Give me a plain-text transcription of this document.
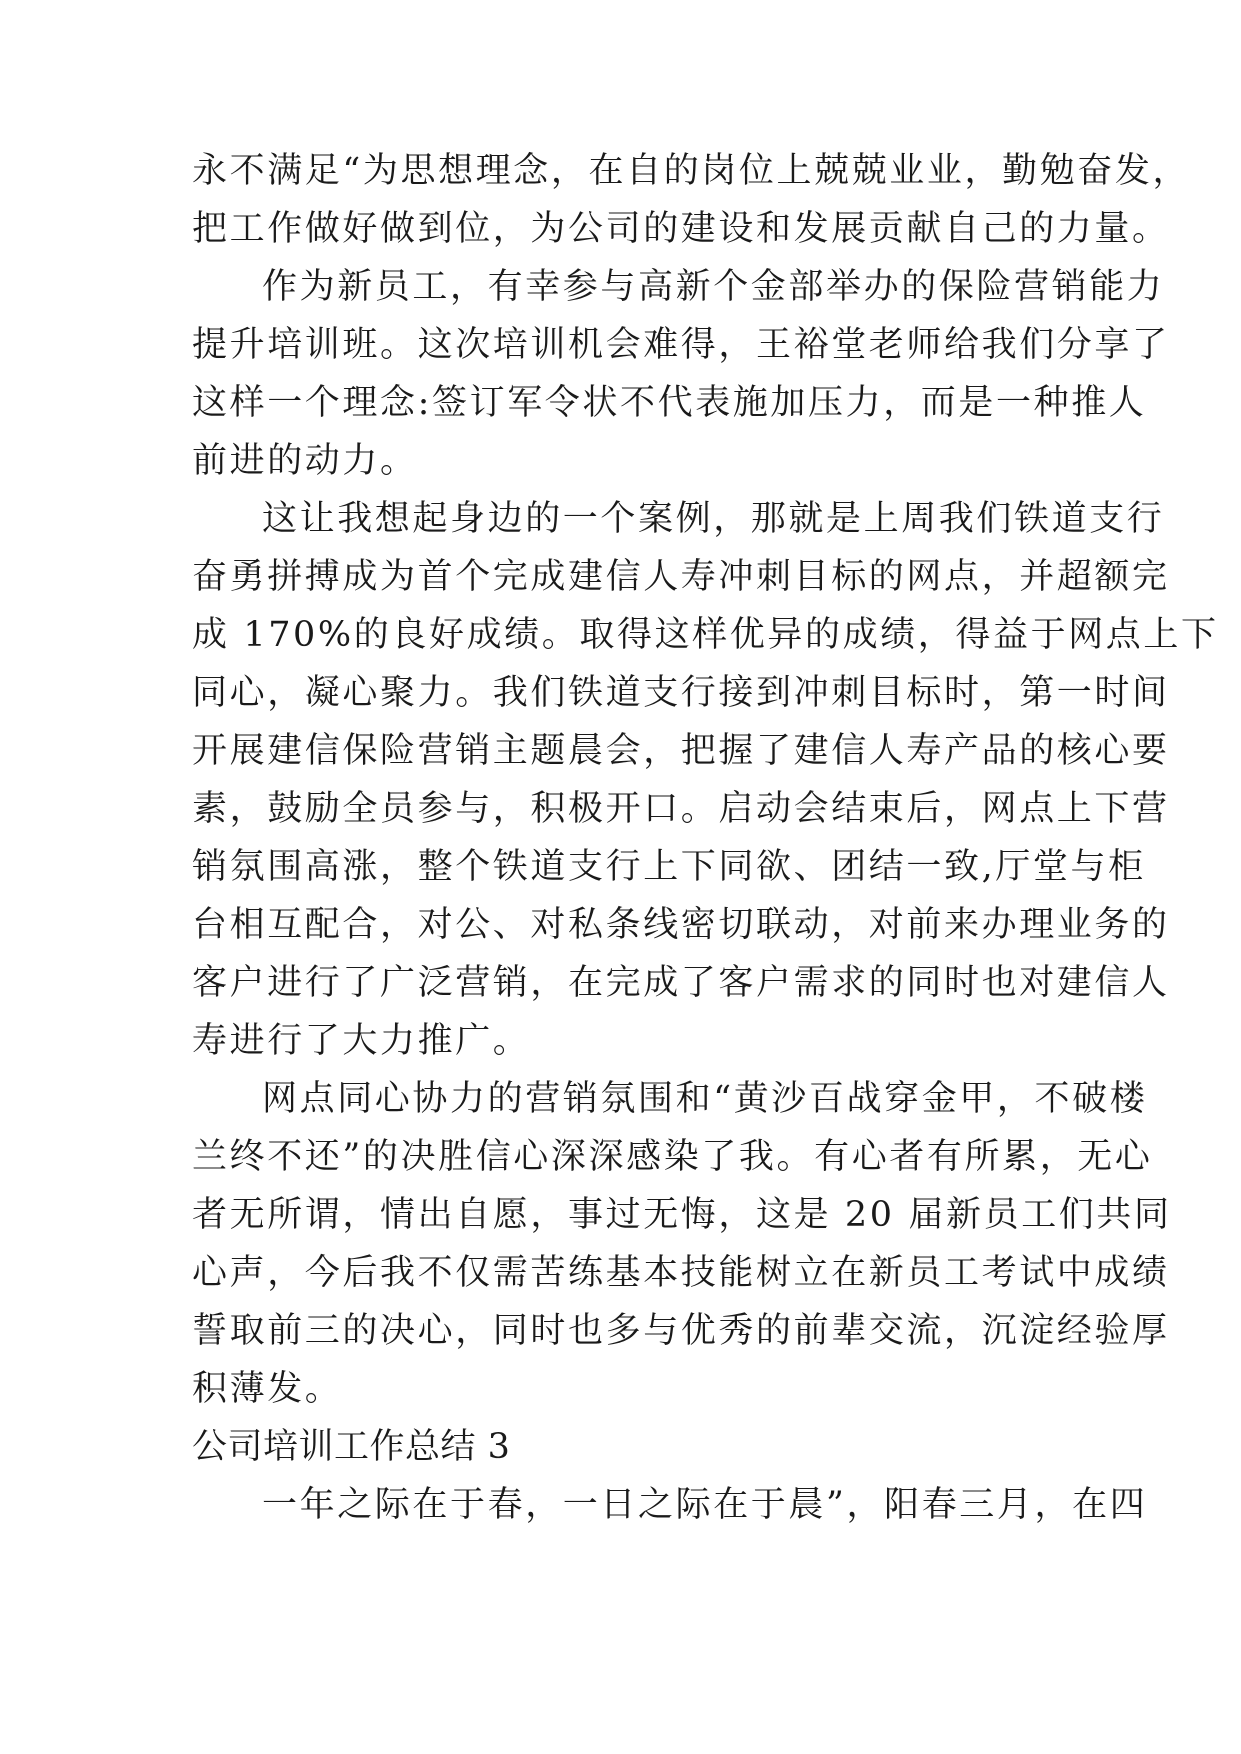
永不满足“为思想理念，在自的岗位上兢兢业业，勤勉奋发，
把工作做好做到位，为公司的建设和发展贡献自己的力量。
作为新员工，有幸参与高新个金部举办的保险营销能力
提升培训班。这次培训机会难得，王裕堂老师给我们分享了
这样一个理念:签订军令状不代表施加压力，而是一种推人
前进的动力。
这让我想起身边的一个案例，那就是上周我们铁道支行
奋勇拼搏成为首个完成建信人寿冲刺目标的网点，并超额完
成 170%的良好成绩。取得这样优异的成绩，得益于网点上下
同心，凝心聚力。我们铁道支行接到冲刺目标时，第一时间
开展建信保险营销主题晨会，把握了建信人寿产品的核心要
素，鼓励全员参与，积极开口。启动会结束后，网点上下营
销氛围高涨，整个铁道支行上下同欲、团结一致,厅堂与柜
台相互配合，对公、对私条线密切联动，对前来办理业务的
客户进行了广泛营销，在完成了客户需求的同时也对建信人
寿进行了大力推广。
网点同心协力的营销氛围和“黄沙百战穿金甲，不破楼
兰终不还”的决胜信心深深感染了我。有心者有所累，无心
者无所谓，情出自愿，事过无悔，这是 20 届新员工们共同
心声，今后我不仅需苦练基本技能树立在新员工考试中成绩
誓取前三的决心，同时也多与优秀的前辈交流，沉淀经验厚
积薄发。
公司培训工作总结 3
一年之际在于春，一日之际在于晨”，阳春三月，在四
